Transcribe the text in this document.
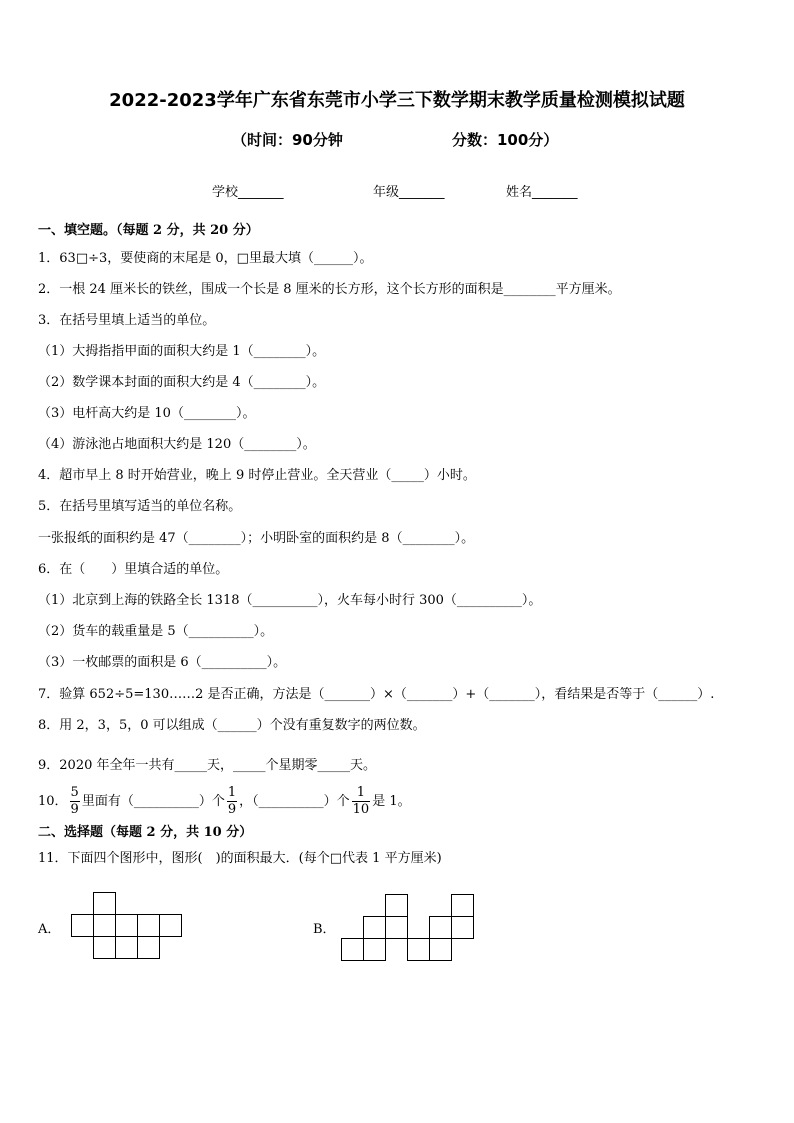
2022-2023学年广东省东莞市小学三下数学期末教学质量检测模拟试题
（时间：90分钟	分数：100分）
学校_______	年级_______	姓名_______
一、填空题。（每题 2 分，共 20 分）
1．63□÷3，要使商的末尾是 0，□里最大填（______）。
2．一根 24 厘米长的铁丝，围成一个长是 8 厘米的长方形，这个长方形的面积是________平方厘米。
3．在括号里填上适当的单位。
（1）大拇指指甲面的面积大约是 1（________）。
（2）数学课本封面的面积大约是 4（________）。
（3）电杆高大约是 10（________）。
（4）游泳池占地面积大约是 120（________）。
4．超市早上 8 时开始营业，晚上 9 时停止营业。全天营业（_____）小时。
5．在括号里填写适当的单位名称。
一张报纸的面积约是 47（________）；小明卧室的面积约是 8（________）。
6．在（　　）里填合适的单位。
（1）北京到上海的铁路全长 1318（__________），火车每小时行 300（__________）。
（2）货车的载重量是 5（__________）。
（3）一枚邮票的面积是 6（__________）。
7．验算 652÷5=130……2 是否正确，方法是（_______）×（_______）+（_______），看结果是否等于（______）.
8．用 2，3，5，0 可以组成（______）个没有重复数字的两位数。
9．2020 年全年一共有_____天，_____个星期零_____天。
10． $\frac{5}{9}$ 里面有（__________）个 $\frac{1}{9}$ ，（__________）个 $\frac{1}{10}$ 是 1。
二、选择题（每题 2 分，共 10 分）
11．下面四个图形中，图形(　)的面积最大．(每个□代表 1 平方厘米)
A．	B．
